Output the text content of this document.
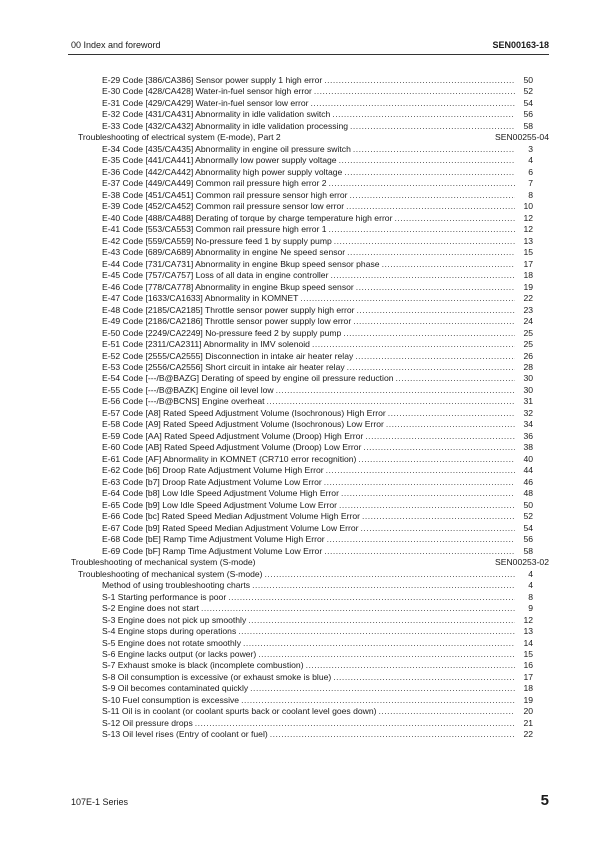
00 Index and foreword	SEN00163-18
E-29 Code [386/CA386] Sensor power supply 1 high error .....	50
E-30 Code [428/CA428] Water-in-fuel sensor high error .....	52
E-31 Code [429/CA429] Water-in-fuel sensor low error .....	54
E-32 Code [431/CA431] Abnormality in idle validation switch .....	56
E-33 Code [432/CA432] Abnormality in idle validation processing .....	58
Troubleshooting of electrical system (E-mode), Part 2	SEN00255-04
E-34 Code [435/CA435] Abnormality in engine oil pressure switch .....	3
E-35 Code [441/CA441] Abnormally low power supply voltage .....	4
E-36 Code [442/CA442] Abnormality high power supply voltage .....	6
E-37 Code [449/CA449] Common rail pressure high error 2 .....	7
E-38 Code [451/CA451] Common rail pressure sensor high error .....	8
E-39 Code [452/CA452] Common rail pressure sensor low error .....	10
E-40 Code [488/CA488] Derating of torque by charge temperature high error .....	12
E-41 Code [553/CA553] Common rail pressure high error 1 .....	12
E-42 Code [559/CA559] No-pressure feed 1 by supply pump .....	13
E-43 Code [689/CA689] Abnormality in engine Ne speed sensor .....	15
E-44 Code [731/CA731] Abnormality in engine Bkup speed sensor phase .....	17
E-45 Code [757/CA757] Loss of all data in engine controller .....	18
E-46 Code [778/CA778] Abnormality in engine Bkup speed sensor .....	19
E-47 Code [1633/CA1633] Abnormality in KOMNET .....	22
E-48 Code [2185/CA2185] Throttle sensor power supply high error .....	23
E-49 Code [2186/CA2186] Throttle sensor power supply low error .....	24
E-50 Code [2249/CA2249] No-pressure feed 2 by supply pump .....	25
E-51 Code [2311/CA2311] Abnormality in IMV solenoid .....	25
E-52 Code [2555/CA2555] Disconnection in intake air heater relay .....	26
E-53 Code [2556/CA2556] Short circuit in intake air heater relay .....	28
E-54 Code [---/B@BAZG] Derating of speed by engine oil pressure reduction .....	30
E-55 Code [---/B@BAZK] Engine oil level low .....	30
E-56 Code [---/B@BCNS] Engine overheat .....	31
E-57 Code [A8] Rated Speed Adjustment Volume (Isochronous) High Error .....	32
E-58 Code [A9] Rated Speed Adjustment Volume (Isochronous) Low Error .....	34
E-59 Code [AA] Rated Speed Adjustment Volume (Droop) High Error .....	36
E-60 Code [AB] Rated Speed Adjustment Volume (Droop) Low Error .....	38
E-61 Code [AF] Abnormality in KOMNET (CR710 error recognition) .....	40
E-62 Code [b6] Droop Rate Adjustment Volume High Error .....	44
E-63 Code [b7] Droop Rate Adjustment Volume Low Error .....	46
E-64 Code [b8] Low Idle Speed Adjustment Volume High Error .....	48
E-65 Code [b9] Low Idle Speed Adjustment Volume Low Error .....	50
E-66 Code [bc] Rated Speed Median Adjustment Volume High Error .....	52
E-67 Code [b9] Rated Speed Median Adjustment Volume Low Error .....	54
E-68 Code [bE] Ramp Time Adjustment Volume High Error .....	56
E-69 Code [bF] Ramp Time Adjustment Volume Low Error .....	58
Troubleshooting of mechanical system (S-mode)	SEN00253-02
Troubleshooting of mechanical system (S-mode) .....	4
Method of using troubleshooting charts .....	4
S-1 Starting performance is poor .....	8
S-2 Engine does not start .....	9
S-3 Engine does not pick up smoothly .....	12
S-4 Engine stops during operations .....	13
S-5 Engine does not rotate smoothly .....	14
S-6 Engine lacks output (or lacks power) .....	15
S-7 Exhaust smoke is black (incomplete combustion) .....	16
S-8 Oil consumption is excessive (or exhaust smoke is blue) .....	17
S-9 Oil becomes contaminated quickly .....	18
S-10 Fuel consumption is excessive .....	19
S-11 Oil is in coolant (or coolant spurts back or coolant level goes down) .....	20
S-12 Oil pressure drops .....	21
S-13 Oil level rises (Entry of coolant or fuel) .....	22
107E-1 Series	5
